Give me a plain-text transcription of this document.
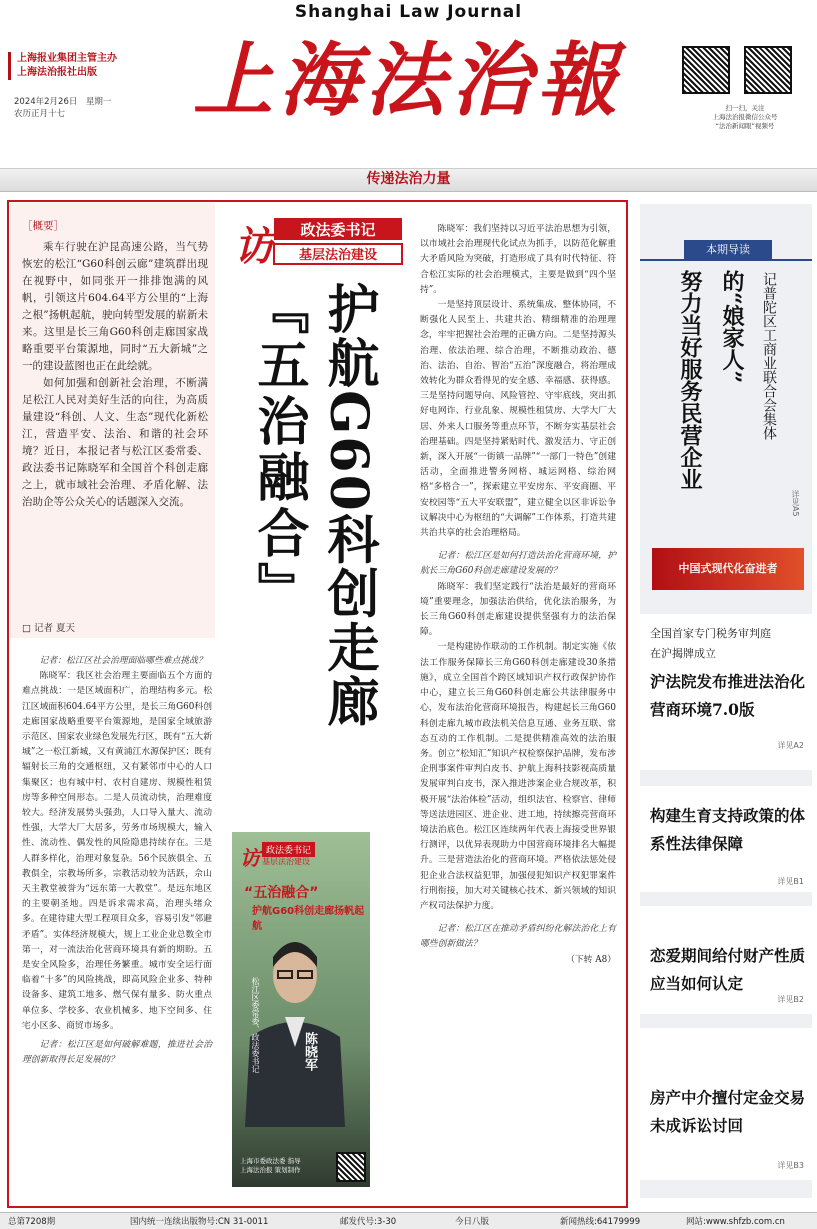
Shanghai Law Journal
上海报业集团主管主办
上海法治报社出版
2024年2月26日　星期一
农历正月十七	上海法治報	扫一扫，关注
上海法治报微信公众号
“法治新闻眼”视频号
传递法治力量
［概要］
乘车行驶在沪昆高速公路，当气势恢宏的松江“G60科创云廊”建筑群出现在视野中，如同张开一排排饱满的风帆，引领这片604.64平方公里的“上海之根”扬帆起航，驶向转型发展的崭新未来。这里是长三角G60科创走廊国家战略重要平台策源地，同时“五大新城”之一的建设蓝图也正在此绘就。
如何加强和创新社会治理，不断满足松江人民对美好生活的向往，为高质量建设“科创、人文、生态”现代化新松江，营造平安、法治、和谐的社会环境？近日，本报记者与松江区委常委、政法委书记陈晓军和全国首个科创走廊之上，就市域社会治理、矛盾化解、法治助企等公众关心的话题深入交流。
□ 记者 夏天
记者：松江区社会治理面临哪些难点挑战？
陈晓军：我区社会治理主要面临五个方面的难点挑战：一是区域面积广，治理结构多元。松江区域面积604.64平方公里，是长三角G60科创走廊国家战略重要平台策源地，是国家全域旅游示范区、国家农业绿色发展先行区，既有“五大新城”之一松江新城，又有黄浦江水源保护区；既有辐射长三角的交通枢纽，又有紧邻市中心的人口集聚区；也有城中村、农村自建房、规模性租赁房等多种空间形态。二是人员流动快，治理难度较大。经济发展势头强劲，人口导入量大、流动性强，大学大厂大居多，劳务市场规模大，输入性、流动性、偶发性的风险隐患持续存在。三是人群多样化，治理对象复杂。56个民族俱全、五教俱全，宗教场所多，宗教活动较为活跃，佘山天主教堂被誉为“远东第一大教堂”。是远东地区的主要朝圣地。四是诉求需求高，治理头绪众多。在建待建大型工程项目众多，容易引发“邻避矛盾”。实体经济规模大，规上工业企业总数全市第一，对一流法治化营商环境具有新的期盼。五是安全风险多，治理任务繁重。城市安全运行面临着“十多”的风险挑战，即高风险企业多、特种设备多、建筑工地多、燃气保有量多、防火重点单位多、学校多、农业机械多、地下空间多、住宅小区多、商贸市场多。
记者：松江区是如何破解难题，推进社会治理创新取得长足发展的？
访	政法委书记
基层法治建设
护航G60科创走廊
『五治融合』
访 政法委书记
基层法治建设
“五治融合”
护航G60科创走廊扬帆起航
松江区委常委、政法委书记	陈晓军
上海市委政法委 指导
上海法治报 策划制作
陈晓军：我们坚持以习近平法治思想为引领，以市域社会治理现代化试点为抓手，以防范化解重大矛盾风险为突破，打造形成了具有时代特征、符合松江实际的社会治理模式，主要是做到“四个坚持”。
一是坚持顶层设计、系统集成、整体协同，不断强化人民至上、共建共治、精细精准的治理理念，牢牢把握社会治理的正确方向。二是坚持源头治理、依法治理、综合治理，不断推动政治、德治、法治、自治、智治“五治”深度融合，将治理成效转化为群众看得见的安全感、幸福感、获得感。三是坚持问题导向、风险管控、守牢底线，突出抓好电网诈、行业乱象、规模性租赁房、大学大厂大居、外来人口服务等重点环节，不断夯实基层社会治理基础。四是坚持紧贴时代、激发活力、守正创新，深入开展“一街镇一品牌”“一部门一特色”创建活动，全面推进警务网格、城运网格、综治网格“多格合一”，探索建立平安房东、平安商圈、平安校园等“五大平安联盟”，建立健全以区非诉讼争议解决中心为枢纽的“大调解”工作体系，打造共建共治共享的社会治理格局。
记者：松江区是如何打造法治化营商环境，护航长三角G60科创走廊建设发展的？
陈晓军：我们坚定践行“法治是最好的营商环境”重要理念，加强法治供给，优化法治服务，为长三角G60科创走廊建设提供坚强有力的法治保障。
一是构建协作联动的工作机制。制定实施《依法工作服务保障长三角G60科创走廊建设30条措施》，成立全国首个跨区域知识产权行政保护协作中心，建立长三角G60科创走廊公共法律服务中心，发布法治化营商环境报告，构建起长三角G60科创走廊九城市政法机关信息互通、业务互联、常态互动的工作机制。二是提供精准高效的法治服务。创立“松知汇”知识产权检察保护品牌，发布涉企刑事案件审判白皮书、护航上海科技影视高质量发展审判白皮书，深入推进涉案企业合规改革，积极开展“法治体检”活动，组织法官、检察官、律师等送法进园区、进企业、进工地，持续擦亮营商环境法治底色。松江区连续两年代表上海接受世界银行测评，以优异表现助力中国营商环境排名大幅提升。三是营造法治化的营商环境。严格依法惩处侵犯企业合法权益犯罪，加强侵犯知识产权犯罪案件行刑衔接，加大对关键核心技术、新兴领域的知识产权司法保护力度。
记者：松江区在推动矛盾纠纷化解法治化上有哪些创新做法？
（下转 A8）
本期导读
努力当好服务民营企业 的“娘家人” 记普陀区工商业联合会集体
详见A5
中国式现代化奋进者
全国首家专门税务审判庭
在沪揭牌成立
沪法院发布推进法治化营商环境7.0版
详见A2
构建生育支持政策的体系性法律保障
详见B1
恋爱期间给付财产性质应当如何认定
详见B2
房产中介擅付定金交易未成诉讼讨回
详见B3
总第7208期	国内统一连续出版物号:CN 31-0011	邮发代号:3-30	今日八版	新闻热线:64179999	网站:www.shfzb.com.cn
